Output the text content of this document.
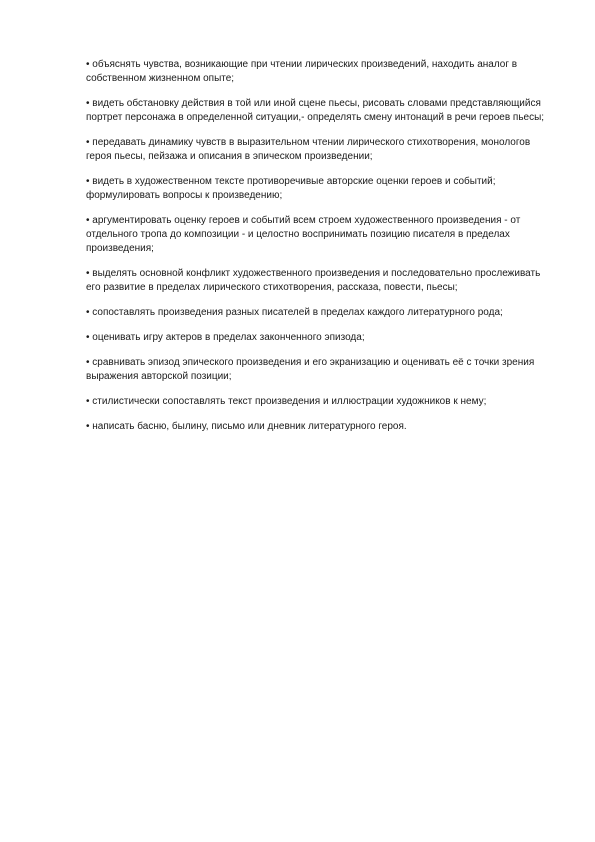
• объяснять чувства, возникающие при чтении лирических произведений, находить аналог в собственном жизненном опыте;

• видеть обстановку действия в той или иной сцене пьесы, рисовать словами представляющийся портрет персонажа в определенной ситуации,- определять смену интонаций в речи героев пьесы;

• передавать динамику чувств в выразительном чтении лирического стихотворения, монологов героя пьесы, пейзажа и описания в эпическом произведении;

• видеть в художественном тексте противоречивые авторские оценки героев и событий; формулировать вопросы к произведению;

• аргументировать оценку героев и событий всем строем художественного произведения - от отдельного тропа до композиции - и целостно воспринимать позицию писателя в пределах произведения;

• выделять основной конфликт художественного произведения и последовательно прослеживать его развитие в пределах лирического стихотворения, рассказа, повести, пьесы;

• сопоставлять произведения разных писателей в пределах каждого литературного рода;

• оценивать игру актеров в пределах законченного эпизода;

• сравнивать эпизод эпического произведения и его экранизацию и оценивать её с точки зрения выражения авторской позиции;

• стилистически сопоставлять текст произведения и иллюстрации художников к нему;

• написать басню, былину, письмо или дневник литературного героя.
